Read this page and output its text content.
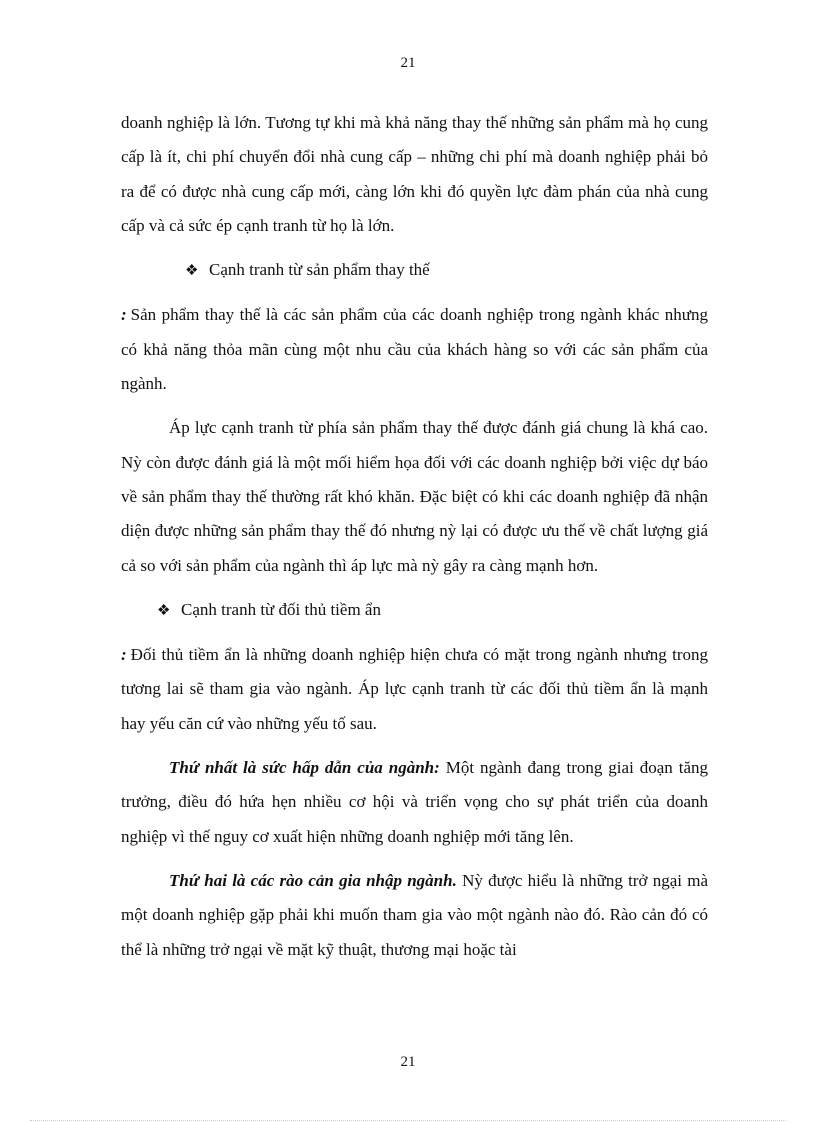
21

doanh nghiệp là lớn. Tương tự khi mà khả năng thay thế những sản phẩm mà họ cung cấp là ít, chi phí chuyển đổi nhà cung cấp – những chi phí mà doanh nghiệp phải bỏ ra để có được nhà cung cấp mới, càng lớn khi đó quyền lực đàm phán của nhà cung cấp và cả sức ép cạnh tranh từ họ là lớn.

❖ Cạnh tranh từ sản phẩm thay thế

: Sản phẩm thay thế là các sản phẩm của các doanh nghiệp trong ngành khác nhưng có khả năng thỏa mãn cùng một nhu cầu của khách hàng so với các sản phẩm của ngành.

Áp lực cạnh tranh từ phía sản phẩm thay thế được đánh giá chung là khá cao. Nỳ còn được đánh giá là một mối hiểm họa đối với các doanh nghiệp bởi việc dự báo về sản phẩm thay thế thường rất khó khăn. Đặc biệt có khi các doanh nghiệp đã nhận diện được những sản phẩm thay thế đó nhưng nỳ lại có được ưu thế về chất lượng giá cả so với sản phẩm của ngành thì áp lực mà nỳ gây ra càng mạnh hơn.

❖ Cạnh tranh từ đối thủ tiềm ẩn

: Đối thủ tiềm ẩn là những doanh nghiệp hiện chưa có mặt trong ngành nhưng trong tương lai sẽ tham gia vào ngành. Áp lực cạnh tranh từ các đối thủ tiềm ẩn là mạnh hay yếu căn cứ vào những yếu tố sau.

Thứ nhất là sức hấp dẫn của ngành: Một ngành đang trong giai đoạn tăng trưởng, điều đó hứa hẹn nhiều cơ hội và triển vọng cho sự phát triển của doanh nghiệp vì thế nguy cơ xuất hiện những doanh nghiệp mới tăng lên.

Thứ hai là các rào cản gia nhập ngành. Nỳ được hiểu là những trở ngại mà một doanh nghiệp gặp phải khi muốn tham gia vào một ngành nào đó. Rào cản đó có thể là những trở ngại về mặt kỹ thuật, thương mại hoặc tài

21
